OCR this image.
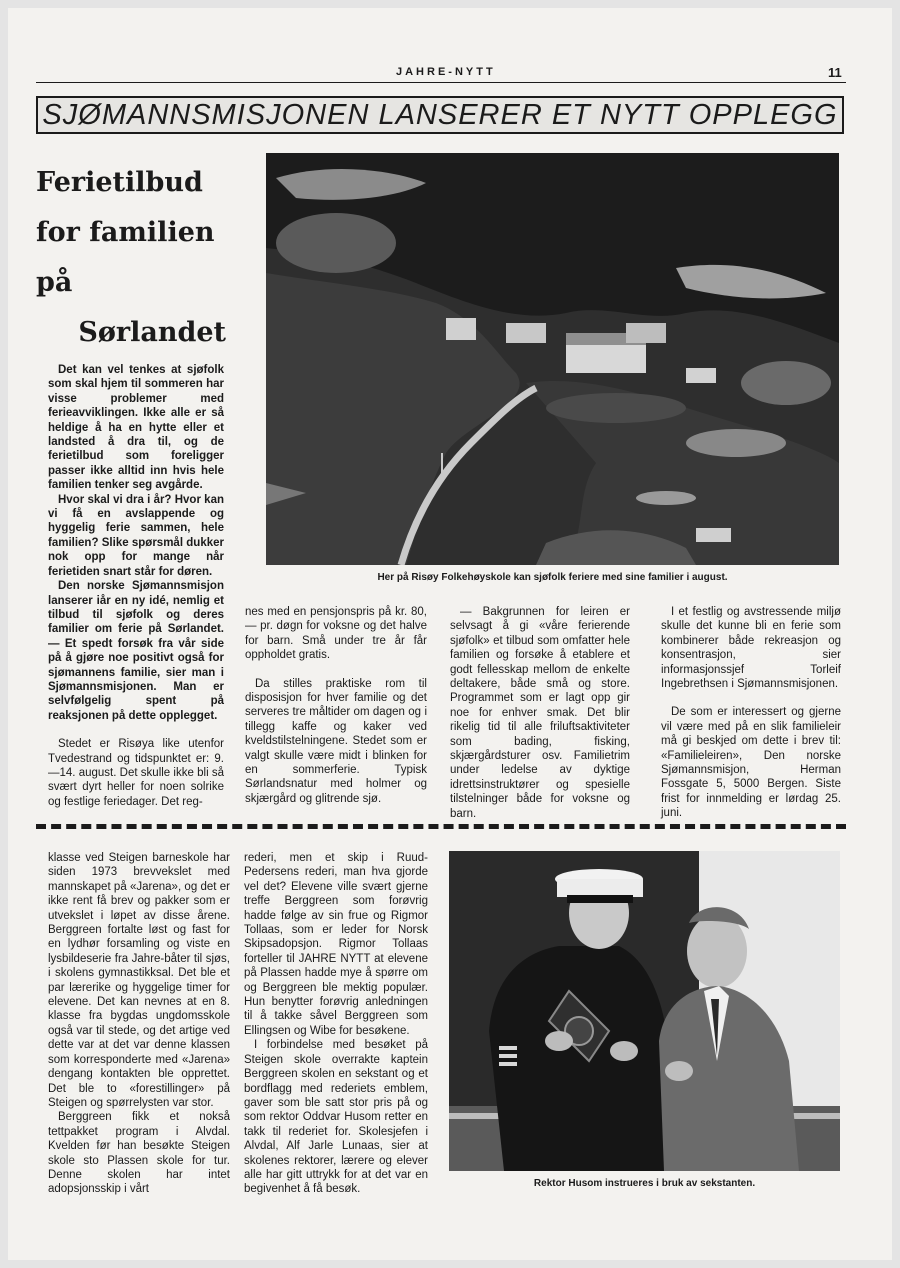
JAHRE-NYTT	11
SJØMANNSMISJONEN LANSERER ET NYTT OPPLEGG
Ferietilbud
for familien
på
Sørlandet
Her på Risøy Folkehøyskole kan sjøfolk feriere med sine familier i august.

Det kan vel tenkes at sjøfolk som skal hjem til sommeren har visse problemer med ferieavviklingen. Ikke alle er så heldige å ha en hytte eller et landsted å dra til, og de ferietilbud som foreligger passer ikke alltid inn hvis hele familien tenker seg avgårde.

Hvor skal vi dra i år? Hvor kan vi få en avslappende og hyggelig ferie sammen, hele familien? Slike spørsmål dukker nok opp for mange når ferietiden snart står for døren.

Den norske Sjømannsmisjon lanserer iår en ny idé, nemlig et tilbud til sjøfolk og deres familier om ferie på Sørlandet. — Et spedt forsøk fra vår side på å gjøre noe positivt også for sjømannens familie, sier man i Sjømannsmisjonen. Man er selvfølgelig spent på reaksjonen på dette opplegget.

Stedet er Risøya like utenfor Tvedestrand og tidspunktet er: 9.—14. august. Det skulle ikke bli så svært dyrt heller for noen solrike og festlige feriedager. Det reg-

nes med en pensjonspris på kr. 80,— pr. døgn for voksne og det halve for barn. Små under tre år får oppholdet gratis.

Da stilles praktiske rom til disposisjon for hver familie og det serveres tre måltider om dagen og i tillegg kaffe og kaker ved kveldstilstelningene. Stedet som er valgt skulle være midt i blinken for en sommerferie. Typisk Sørlandsnatur med holmer og skjærgård og glitrende sjø.

— Bakgrunnen for leiren er selvsagt å gi «våre ferierende sjøfolk» et tilbud som omfatter hele familien og forsøke å etablere et godt fellesskap mellom de enkelte deltakere, både små og store. Programmet som er lagt opp gir noe for enhver smak. Det blir rikelig tid til alle friluftsaktiviteter som bading, fisking, skjærgårdsturer osv. Familietrim under ledelse av dyktige idrettsinstruktører og spesielle tilstelninger både for voksne og barn.

I et festlig og avstressende miljø skulle det kunne bli en ferie som kombinerer både rekreasjon og konsentrasjon, sier informasjonssjef Torleif Ingebrethsen i Sjømannsmisjonen.

De som er interessert og gjerne vil være med på en slik familieleir må gi beskjed om dette i brev til: «Familieleiren», Den norske Sjømannsmisjon, Herman Fossgate 5, 5000 Bergen. Siste frist for innmelding er lørdag 25. juni.

klasse ved Steigen barneskole har siden 1973 brevvekslet med mannskapet på «Jarena», og det er ikke rent få brev og pakker som er utvekslet i løpet av disse årene. Berggreen fortalte løst og fast for en lydhør forsamling og viste en lysbildeserie fra Jahre-båter til sjøs, i skolens gymnastikksal. Det ble et par lærerike og hyggelige timer for elevene. Det kan nevnes at en 8. klasse fra bygdas ungdomsskole også var til stede, og det artige ved dette var at det var denne klassen som korresponderte med «Jarena» dengang kontakten ble opprettet. Det ble to «forestillinger» på Steigen og spørrelysten var stor.

Berggreen fikk et nokså tettpakket program i Alvdal. Kvelden før han besøkte Steigen skole sto Plassen skole for tur. Denne skolen har intet adopsjonsskip i vårt

rederi, men et skip i Ruud-Pedersens rederi, man hva gjorde vel det? Elevene ville svært gjerne treffe Berggreen som forøvrig hadde følge av sin frue og Rigmor Tollaas, som er leder for Norsk Skipsadopsjon. Rigmor Tollaas forteller til JAHRE NYTT at elevene på Plassen hadde mye å spørre om og Berggreen ble mektig populær. Hun benytter forøvrig anledningen til å takke såvel Berggreen som Ellingsen og Wibe for besøkene.

I forbindelse med besøket på Steigen skole overrakte kaptein Berggreen skolen en sekstant og et bordflagg med rederiets emblem, gaver som ble satt stor pris på og som rektor Oddvar Husom retter en takk til rederiet for. Skolesjefen i Alvdal, Alf Jarle Lunaas, sier at skolenes rektorer, lærere og elever alle har gitt uttrykk for at det var en begivenhet å få besøk.	Rektor Husom instrueres i bruk av sekstanten.
